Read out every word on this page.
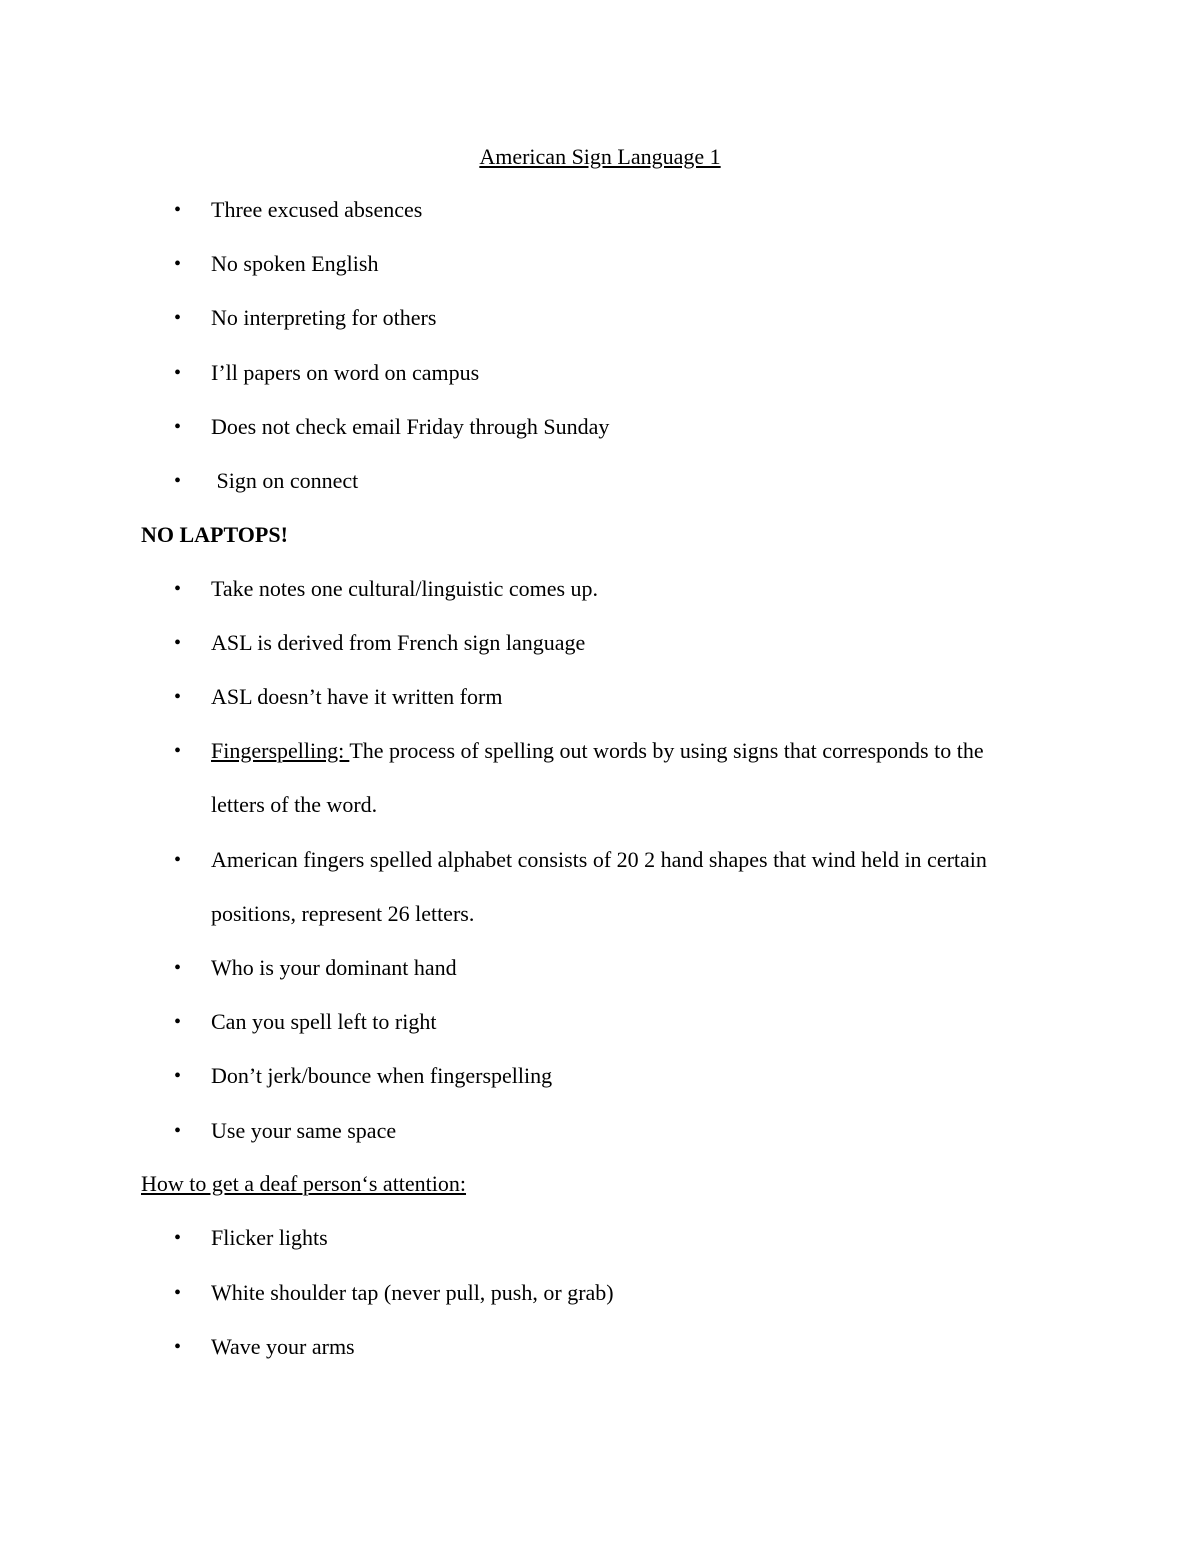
American Sign Language 1
•	Three excused absences
•	No spoken English
•	No interpreting for others
•	I’ll papers on word on campus
•	Does not check email Friday through Sunday
•	Sign on connect
NO LAPTOPS!
•	Take notes one cultural/linguistic comes up.
•	ASL is derived from French sign language
•	ASL doesn’t have it written form
•	Fingerspelling: The process of spelling out words by using signs that corresponds to the
letters of the word.
•	American fingers spelled alphabet consists of 20 2 hand shapes that wind held in certain
positions, represent 26 letters.
•	Who is your dominant hand
•	Can you spell left to right
•	Don’t jerk/bounce when fingerspelling
•	Use your same space
How to get a deaf person‘s attention:
•	Flicker lights
•	White shoulder tap (never pull, push, or grab)
•	Wave your arms
